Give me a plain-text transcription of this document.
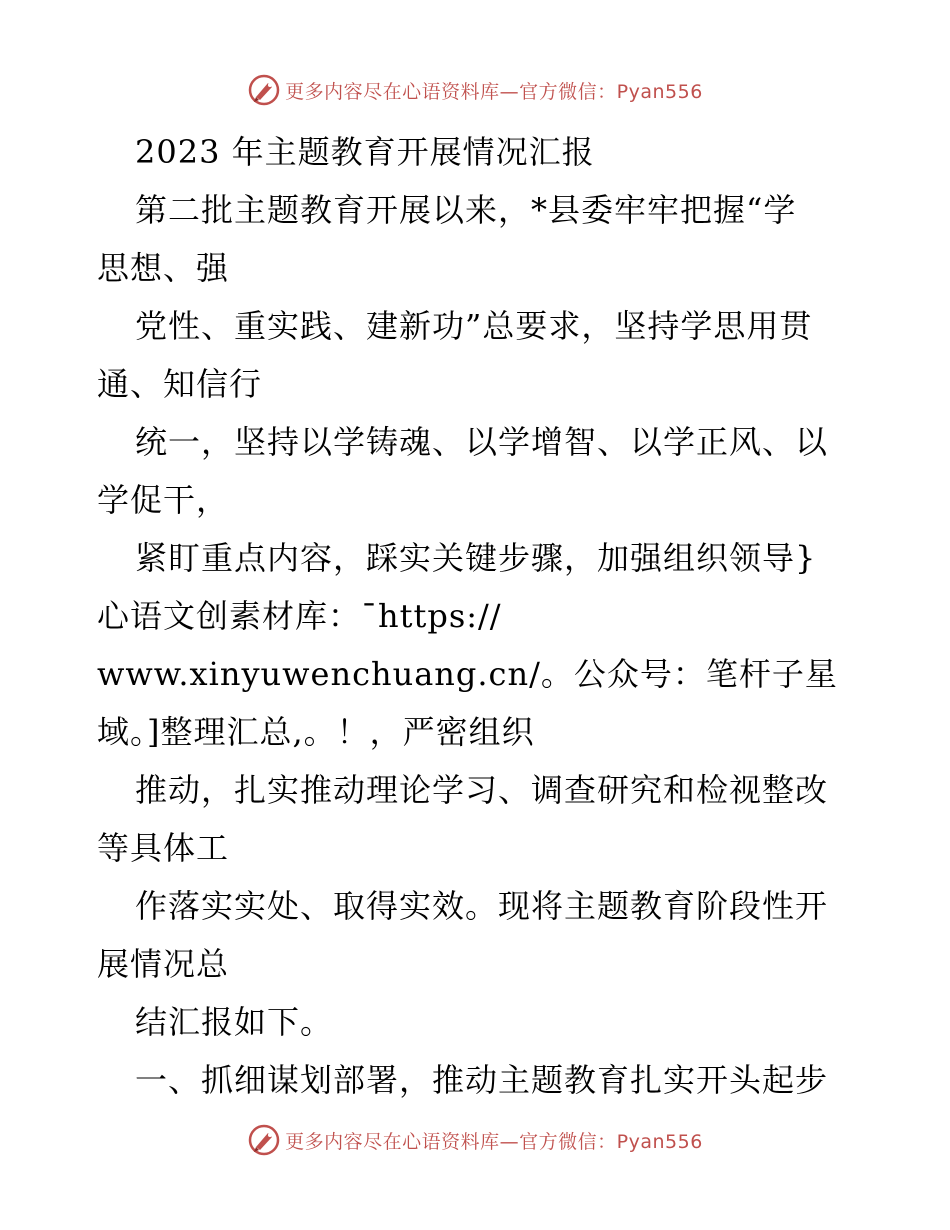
更多内容尽在心语资料库—官方微信：Pyan556
2023 年主题教育开展情况汇报
第二批主题教育开展以来，*县委牢牢把握“学
思想、强
党性、重实践、建新功”总要求，坚持学思用贯
通、知信行
统一，坚持以学铸魂、以学增智、以学正风、以
学促干，
紧盯重点内容，踩实关键步骤，加强组织领导}
心语文创素材库：¯https://
www.xinyuwenchuang.cn/。公众号：笔杆子星
域。]整理汇总,。！，严密组织
推动，扎实推动理论学习、调查研究和检视整改
等具体工
作落实实处、取得实效。现将主题教育阶段性开
展情况总
结汇报如下。
一、抓细谋划部署，推动主题教育扎实开头起步
更多内容尽在心语资料库—官方微信：Pyan556
